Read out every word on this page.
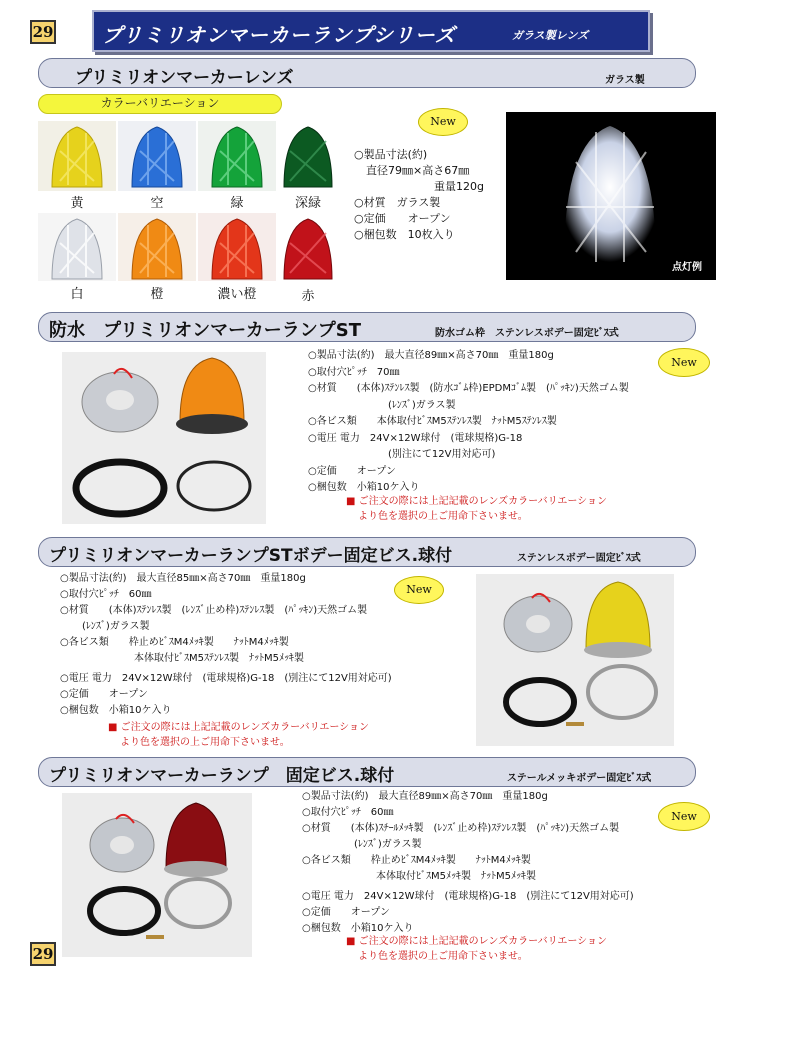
29 プリミリオンマーカーランプシリーズ	ガラス製レンズ
プリミリオンマーカーレンズ	ガラス製
カラーバリエーション
黄	空	緑	深緑
白	橙	濃い橙	赤
New
○製品寸法(約)
直径79㎜×高さ67㎜
重量120g
○材質　ガラス製
○定価　　オープン
○梱包数　10枚入り
点灯例
防水　プリミリオンマーカーランプST	防水ゴム枠　ステンレスボデー固定ﾋﾞｽ式
New
○製品寸法(約)　最大直径89㎜×高さ70㎜　重量180g
○取付穴ﾋﾟｯﾁ　70㎜
○材質　　(本体)ｽﾃﾝﾚｽ製　(防水ｺﾞﾑ枠)EPDMｺﾞﾑ製　(ﾊﾟｯｷﾝ)天然ゴム製
(ﾚﾝｽﾞ)ガラス製
○各ビス類　　本体取付ﾋﾞｽM5ｽﾃﾝﾚｽ製　ﾅｯﾄM5ｽﾃﾝﾚｽ製
○電圧 電力　24V×12W球付　(電球規格)G-18
(別注にて12V用対応可)
○定価　　オープン
○梱包数　小箱10ケ入り
■ ご注文の際には上記記載のレンズカラーバリエーション
より色を選択の上ご用命下さいませ。
プリミリオンマーカーランプSTボデー固定ビス.球付	ステンレスボデー固定ﾋﾞｽ式
○製品寸法(約)　最大直径85㎜×高さ70㎜　重量180g
○取付穴ﾋﾟｯﾁ　60㎜
○材質　　(本体)ｽﾃﾝﾚｽ製　(ﾚﾝｽﾞ止め枠)ｽﾃﾝﾚｽ製　(ﾊﾟｯｷﾝ)天然ゴム製
(ﾚﾝｽﾞ)ガラス製
○各ビス類　　枠止めﾋﾞｽM4ﾒｯｷ製　　ﾅｯﾄM4ﾒｯｷ製
本体取付ﾋﾞｽM5ｽﾃﾝﾚｽ製　ﾅｯﾄM5ﾒｯｷ製
○電圧 電力　24V×12W球付　(電球規格)G-18　(別注にて12V用対応可)
○定価　　オープン
○梱包数　小箱10ケ入り
■ ご注文の際には上記記載のレンズカラーバリエーション
より色を選択の上ご用命下さいませ。
New
プリミリオンマーカーランプ　固定ビス.球付	ステールメッキボデー固定ﾋﾞｽ式
○製品寸法(約)　最大直径89㎜×高さ70㎜　重量180g
○取付穴ﾋﾟｯﾁ　60㎜
○材質　　(本体)ｽﾁｰﾙﾒｯｷ製　(ﾚﾝｽﾞ止め枠)ｽﾃﾝﾚｽ製　(ﾊﾟｯｷﾝ)天然ゴム製
(ﾚﾝｽﾞ)ガラス製
○各ビス類　　枠止めﾋﾞｽM4ﾒｯｷ製　　ﾅｯﾄM4ﾒｯｷ製
本体取付ﾋﾞｽM5ﾒｯｷ製　ﾅｯﾄM5ﾒｯｷ製
○電圧 電力　24V×12W球付　(電球規格)G-18　(別注にて12V用対応可)
○定価　　オープン
○梱包数　小箱10ケ入り
■ ご注文の際には上記記載のレンズカラーバリエーション
より色を選択の上ご用命下さいませ。
New
29
